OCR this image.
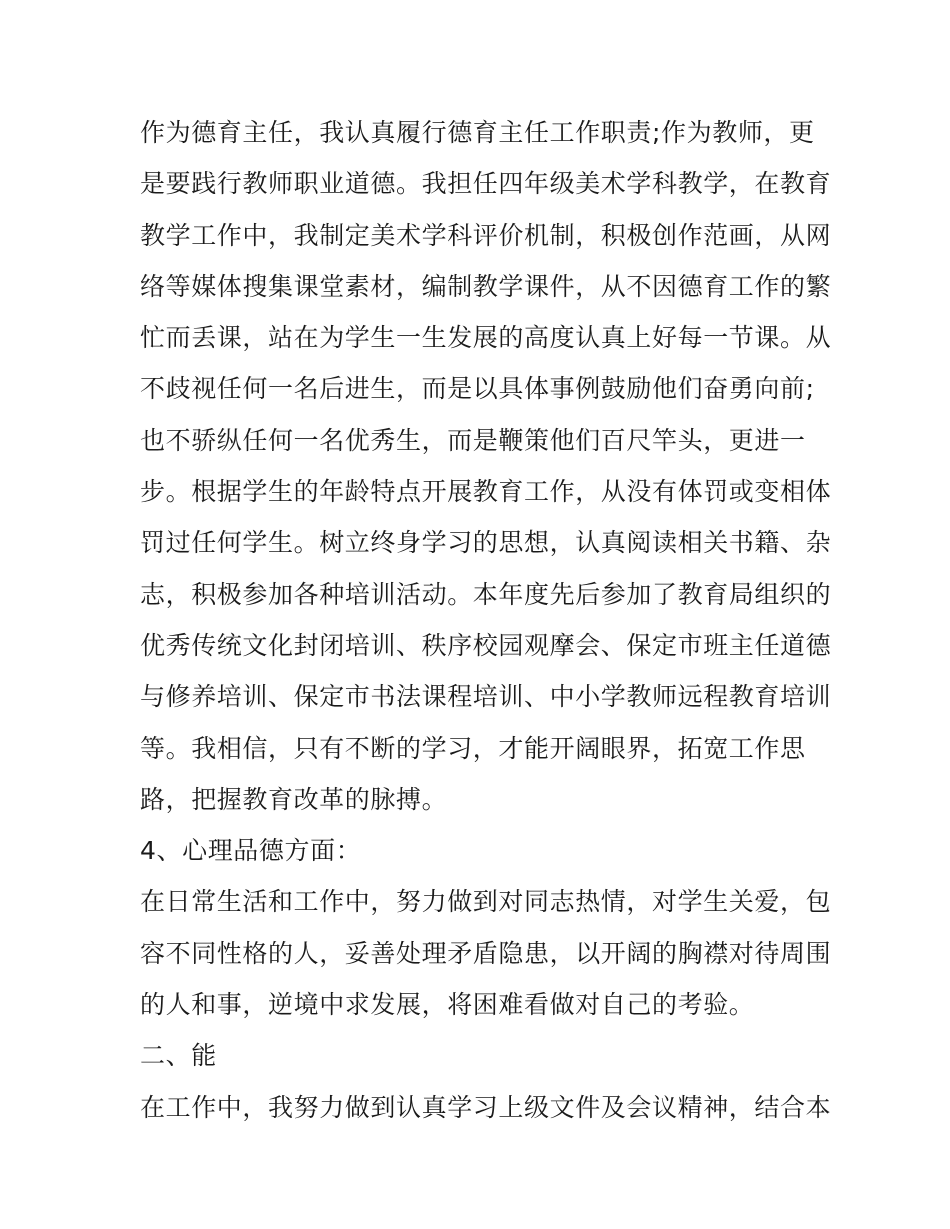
作为德育主任，我认真履行德育主任工作职责;作为教师，更
是要践行教师职业道德。我担任四年级美术学科教学，在教育
教学工作中，我制定美术学科评价机制，积极创作范画，从网
络等媒体搜集课堂素材，编制教学课件，从不因德育工作的繁
忙而丢课，站在为学生一生发展的高度认真上好每一节课。从
不歧视任何一名后进生，而是以具体事例鼓励他们奋勇向前;
也不骄纵任何一名优秀生，而是鞭策他们百尺竿头，更进一
步。根据学生的年龄特点开展教育工作，从没有体罚或变相体
罚过任何学生。树立终身学习的思想，认真阅读相关书籍、杂
志，积极参加各种培训活动。本年度先后参加了教育局组织的
优秀传统文化封闭培训、秩序校园观摩会、保定市班主任道德
与修养培训、保定市书法课程培训、中小学教师远程教育培训
等。我相信，只有不断的学习，才能开阔眼界，拓宽工作思
路，把握教育改革的脉搏。
4、心理品德方面：
在日常生活和工作中，努力做到对同志热情，对学生关爱，包
容不同性格的人，妥善处理矛盾隐患，以开阔的胸襟对待周围
的人和事，逆境中求发展，将困难看做对自己的考验。
二、能
在工作中，我努力做到认真学习上级文件及会议精神，结合本
